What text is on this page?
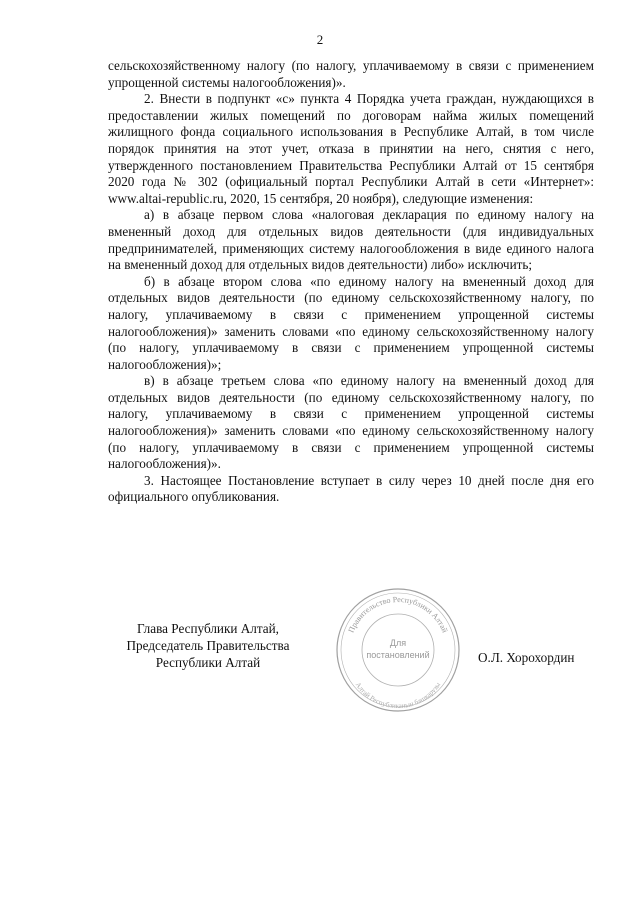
2

сельскохозяйственному налогу (по налогу, уплачиваемому в связи с применением упрощенной системы налогообложения)».

2. Внести в подпункт «с» пункта 4 Порядка учета граждан, нуждающихся в предоставлении жилых помещений по договорам найма жилых помещений жилищного фонда социального использования в Республике Алтай, в том числе порядок принятия на этот учет, отказа в принятии на него, снятия с него, утвержденного постановлением Правительства Республики Алтай от 15 сентября 2020 года № 302 (официальный портал Республики Алтай в сети «Интернет»: www.altai-republic.ru, 2020, 15 сентября, 20 ноября), следующие изменения:

а) в абзаце первом слова «налоговая декларация по единому налогу на вмененный доход для отдельных видов деятельности (для индивидуальных предпринимателей, применяющих систему налогообложения в виде единого налога на вмененный доход для отдельных видов деятельности) либо» исключить;

б) в абзаце втором слова «по единому налогу на вмененный доход для отдельных видов деятельности (по единому сельскохозяйственному налогу, по налогу, уплачиваемому в связи с применением упрощенной системы налогообложения)» заменить словами «по единому сельскохозяйственному налогу (по налогу, уплачиваемому в связи с применением упрощенной системы налогообложения)»;

в) в абзаце третьем слова «по единому налогу на вмененный доход для отдельных видов деятельности (по единому сельскохозяйственному налогу, по налогу, уплачиваемому в связи с применением упрощенной системы налогообложения)» заменить словами «по единому сельскохозяйственному налогу (по налогу, уплачиваемому в связи с применением упрощенной системы налогообложения)».

3. Настоящее Постановление вступает в силу через 10 дней после дня его официального опубликования.

Глава Республики Алтай,
Председатель Правительства
Республики Алтай
Правительство Республики Алтай
Алтай Республиканын башкарузы
Для
постановлений	О.Л. Хорохордин
